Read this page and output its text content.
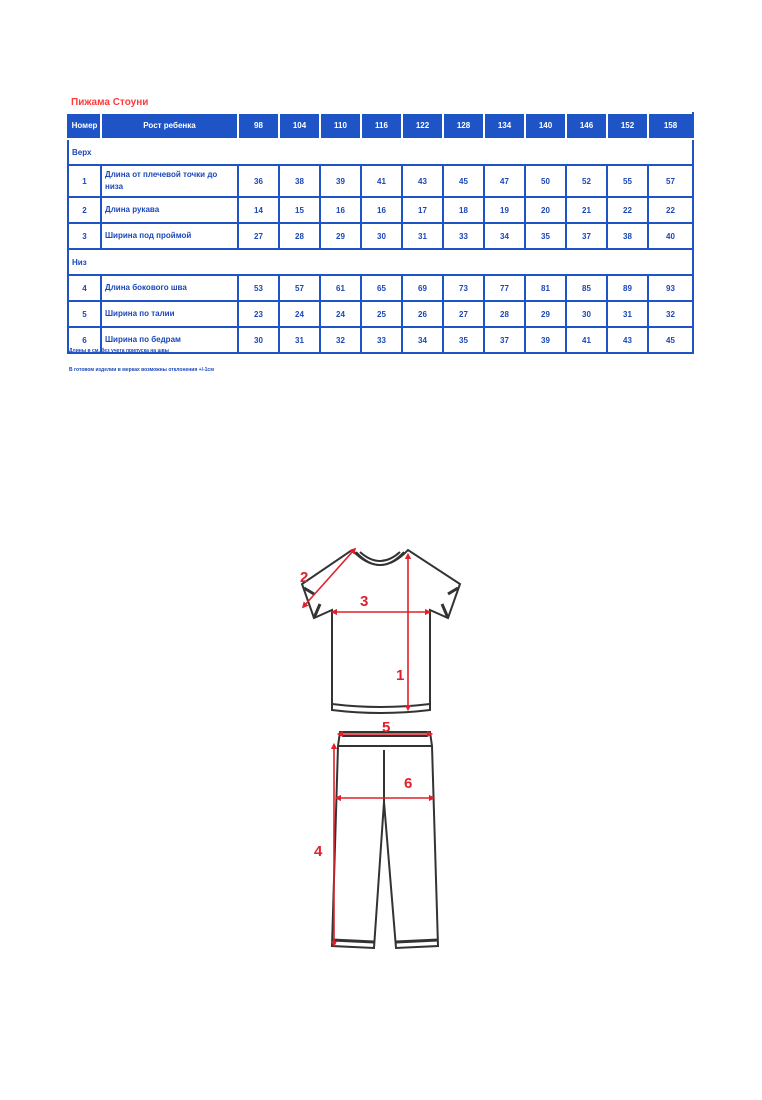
Пижама Стоуни
Номер	Рост ребенка	98	104	110	116	122	128	134	140	146	152	158
Верх												
1	Длина от плечевой точки до низа	36	38	39	41	43	45	47	50	52	55	57
2	Длина рукава	14	15	16	16	17	18	19	20	21	22	22
3	Ширина под проймой	27	28	29	30	31	33	34	35	37	38	40
Низ												
4	Длина бокового шва	53	57	61	65	69	73	77	81	85	89	93
5	Ширина по талии	23	24	24	25	26	27	28	29	30	31	32
6	Ширина по бедрам	30	31	32	33	34	35	37	39	41	43	45
Длины в см, без учета припуска на швы
В готовом изделии в мерках возможны отклонения +/-1см
1
2
3
4
5
6
